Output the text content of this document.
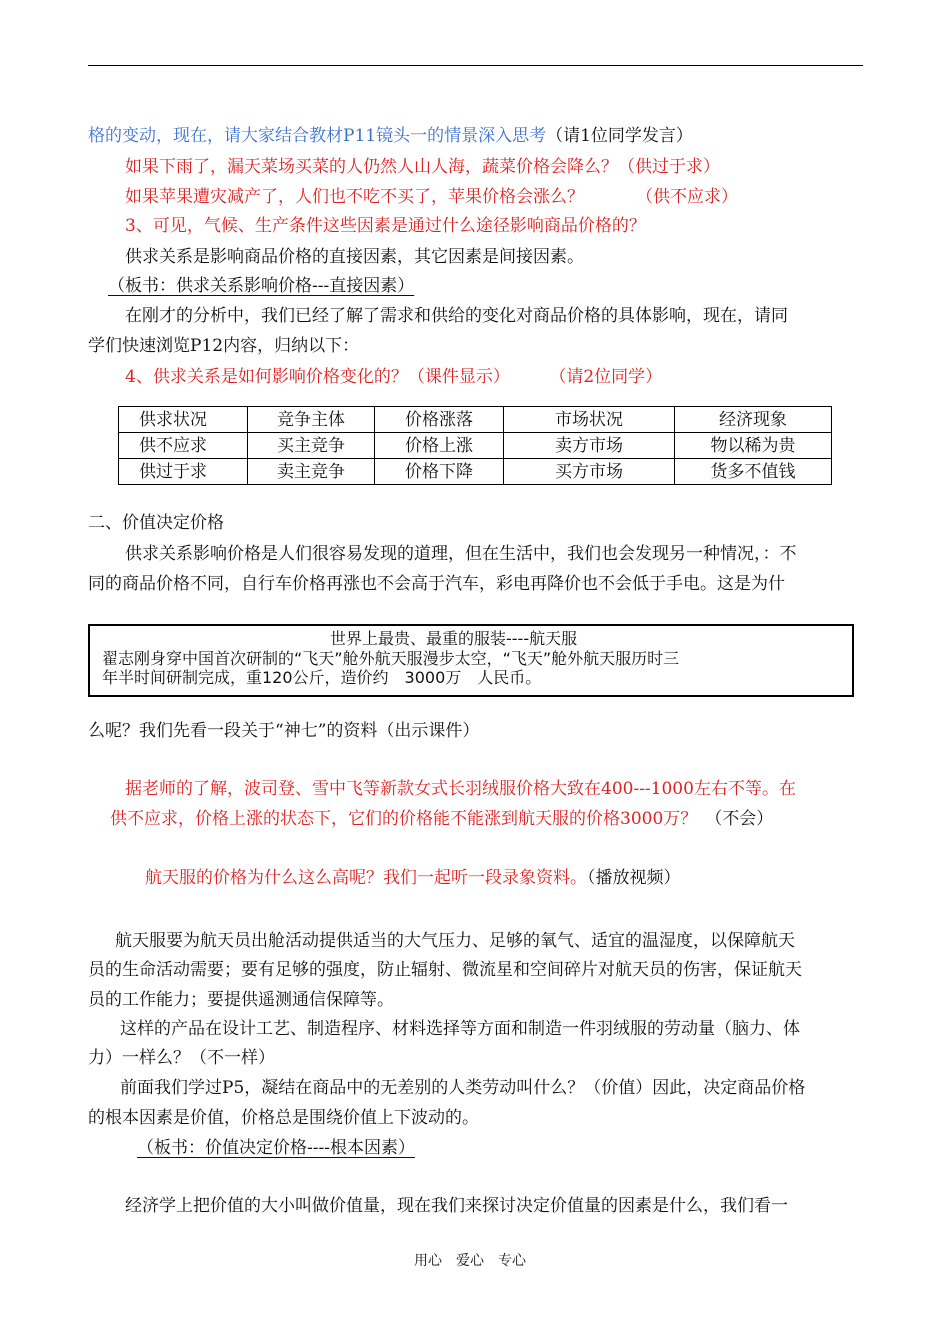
格的变动，现在，请大家结合教材P11镜头一的情景深入思考（请1位同学发言）
如果下雨了，漏天菜场买菜的人仍然人山人海，蔬菜价格会降么？（供过于求）
如果苹果遭灾减产了，人们也不吃不买了，苹果价格会涨么？	（供不应求）
3、可见，气候、生产条件这些因素是通过什么途径影响商品价格的？
供求关系是影响商品价格的直接因素，其它因素是间接因素。
（板书：供求关系影响价格---直接因素）
在刚才的分析中，我们已经了解了需求和供给的变化对商品价格的具体影响，现在，请同
学们快速浏览P12内容，归纳以下：
4、供求关系是如何影响价格变化的？（课件显示）	（请2位同学）
供求状况	竞争主体	价格涨落	市场状况	经济现象
供不应求	买主竞争	价格上涨	卖方市场	物以稀为贵
供过于求	卖主竞争	价格下降	买方市场	货多不值钱
二、价值决定价格
供求关系影响价格是人们很容易发现的道理，但在生活中，我们也会发现另一种情况，：不
同的商品价格不同，自行车价格再涨也不会高于汽车，彩电再降价也不会低于手电。这是为什
世界上最贵、最重的服装----航天服
翟志刚身穿中国首次研制的“飞天”舱外航天服漫步太空，“飞天”舱外航天服历时三
年半时间研制完成，重120公斤，造价约　3000万　人民币。
么呢？我们先看一段关于“神七”的资料（出示课件）
据老师的了解，波司登、雪中飞等新款女式长羽绒服价格大致在400---1000左右不等。在
供不应求，价格上涨的状态下，它们的价格能不能涨到航天服的价格3000万？ （不会）
航天服的价格为什么这么高呢？我们一起听一段录象资料。（播放视频）
航天服要为航天员出舱活动提供适当的大气压力、足够的氧气、适宜的温湿度，以保障航天
员的生命活动需要；要有足够的强度，防止辐射、微流星和空间碎片对航天员的伤害，保证航天
员的工作能力；要提供遥测通信保障等。
这样的产品在设计工艺、制造程序、材料选择等方面和制造一件羽绒服的劳动量（脑力、体
力）一样么？（不一样）
前面我们学过P5，凝结在商品中的无差别的人类劳动叫什么？（价值）因此，决定商品价格
的根本因素是价值，价格总是围绕价值上下波动的。
（板书：价值决定价格----根本因素）
经济学上把价值的大小叫做价值量，现在我们来探讨决定价值量的因素是什么，我们看一
用心　爱心　专心
